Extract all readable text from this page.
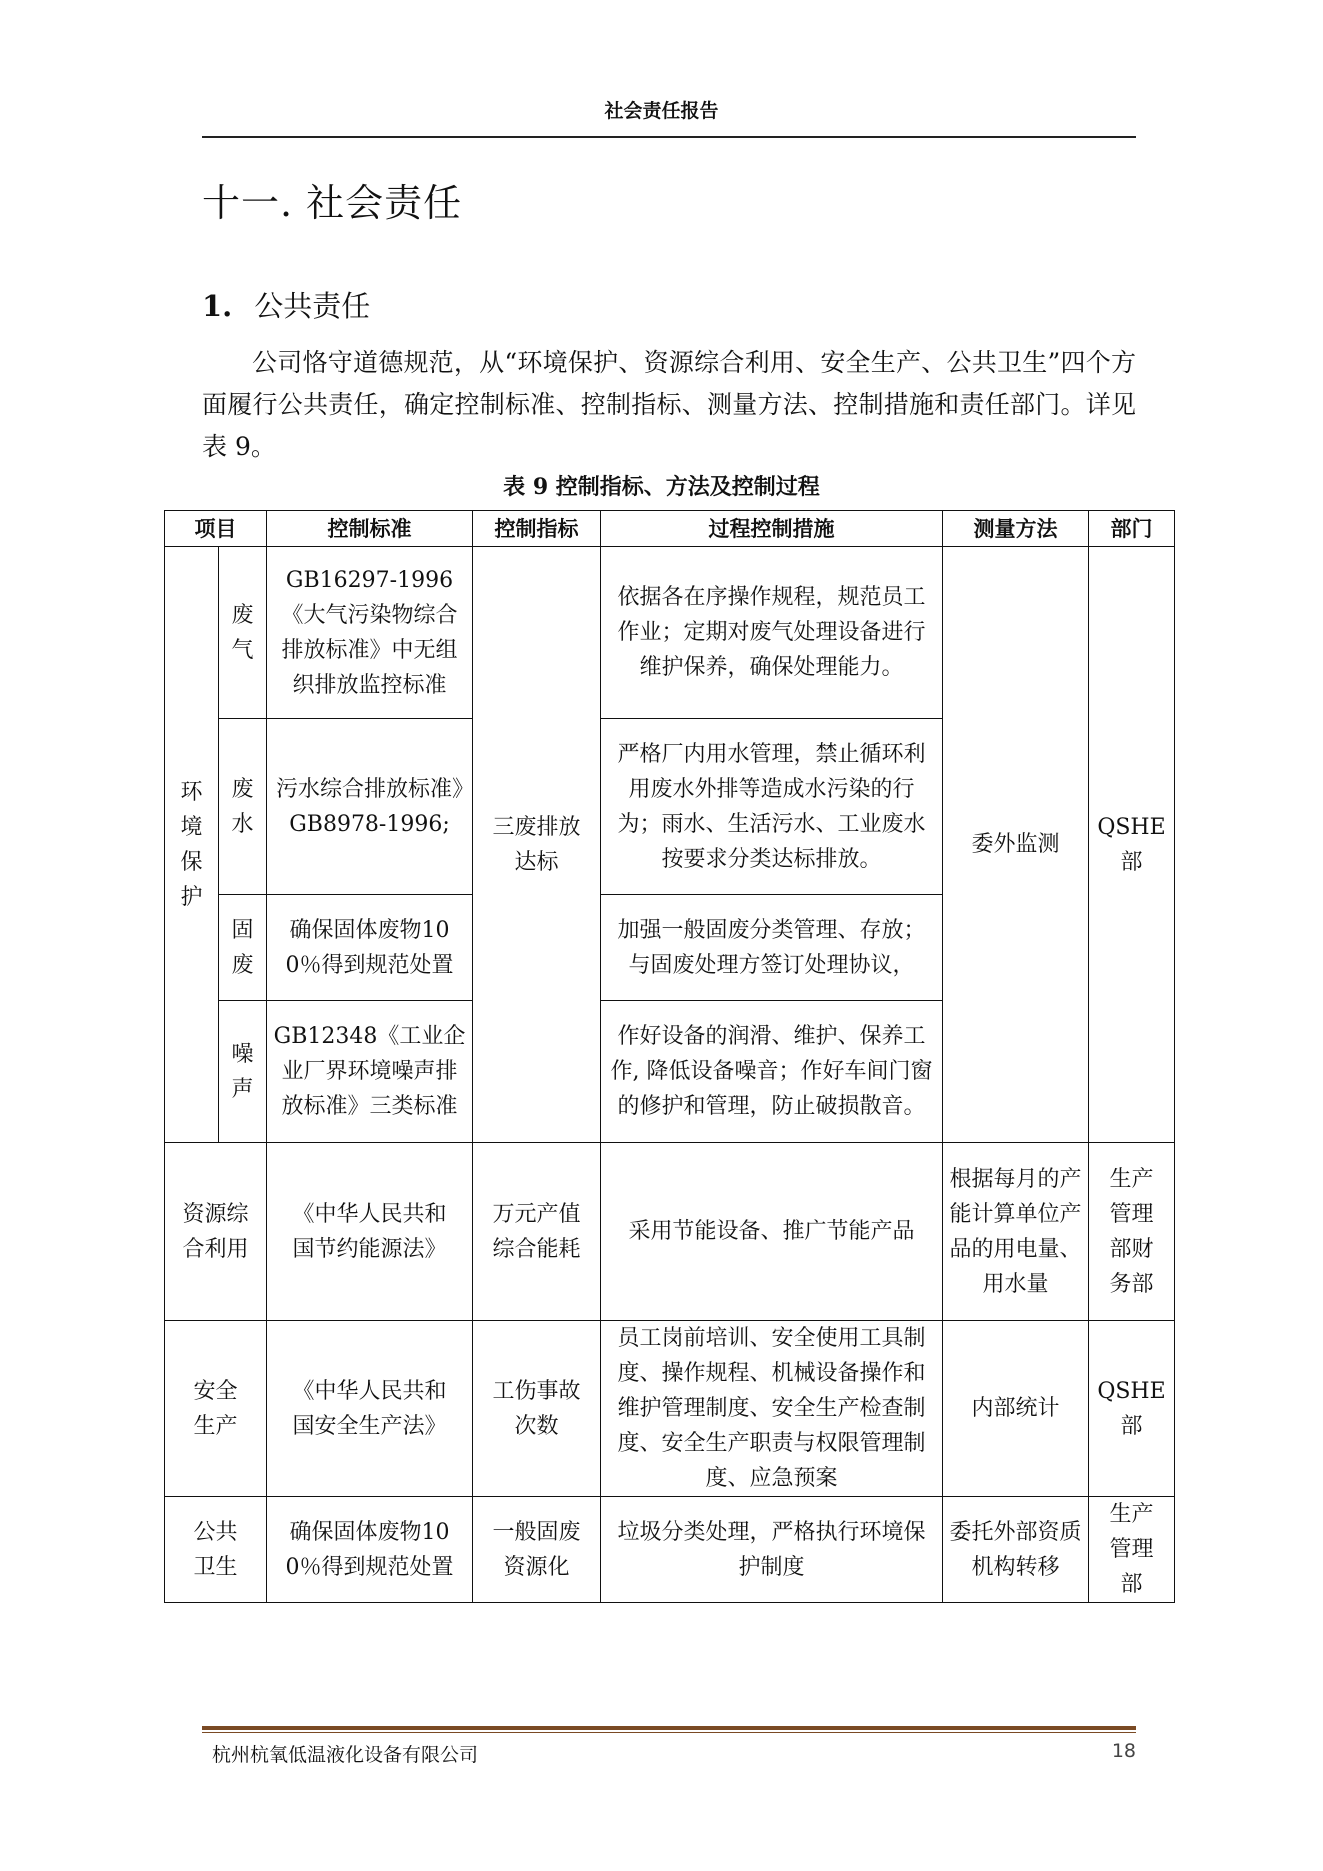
社会责任报告
十一. 社会责任
1. 公共责任
公司恪守道德规范，从“环境保护、资源综合利用、安全生产、公共卫生”四个方面履行公共责任，确定控制标准、控制指标、测量方法、控制措施和责任部门。详见表 9。
表 9 控制指标、方法及控制过程
项目		控制标准	控制指标	过程控制措施	测量方法	部门

环境保护	废气	GB16297-1996《大气污染物综合排放标准》中无组织排放监控标准	三废排放达标	依据各在序操作规程，规范员工作业；定期对废气处理设备进行维护保养，确保处理能力。	委外监测	QSHE部

	废水	污水综合排放标准》GB8978-1996;		严格厂内用水管理，禁止循环利用废水外排等造成水污染的行为；雨水、生活污水、工业废水按要求分类达标排放。		

	固废	确保固体废物100％得到规范处置		加强一般固废分类管理、存放；与固废处理方签订处理协议，		

	噪声	GB12348《工业企业厂界环境噪声排放标准》三类标准		作好设备的润滑、维护、保养工作, 降低设备噪音；作好车间门窗的修护和管理，防止破损散音。		
资源综合利用		《中华人民共和国节约能源法》	万元产值综合能耗	采用节能设备、推广节能产品	根据每月的产能计算单位产品的用电量、用水量	生产管理部财务部
安全生产		《中华人民共和国安全生产法》	工伤事故次数	员工岗前培训、安全使用工具制度、操作规程、机械设备操作和维护管理制度、安全生产检查制度、安全生产职责与权限管理制度、应急预案	内部统计	QSHE部
公共卫生		确保固体废物100％得到规范处置	一般固废资源化	垃圾分类处理，严格执行环境保护制度	委托外部资质机构转移	生产管理部
杭州杭氧低温液化设备有限公司	18
